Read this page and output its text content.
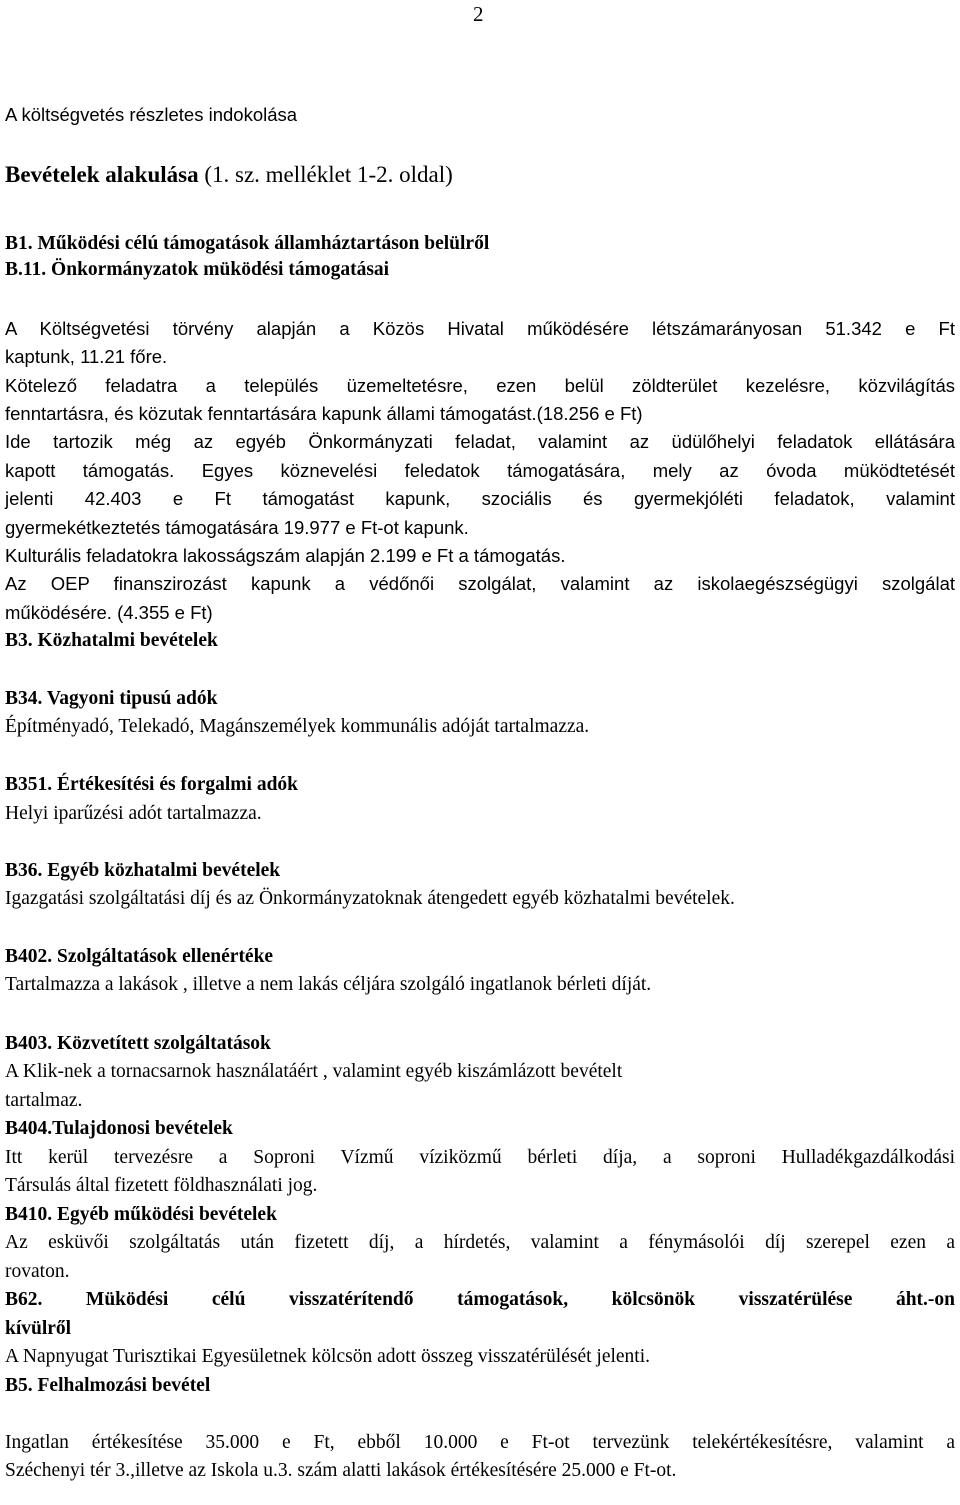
2
A költségvetés részletes indokolása
Bevételek alakulása (1. sz. melléklet 1-2. oldal)
B1. Működési célú támogatások államháztartáson belülről
B.11. Önkormányzatok müködési támogatásai
A Költségvetési törvény alapján a Közös Hivatal működésére létszámarányosan 51.342 e Ft
kaptunk, 11.21 főre.
Kötelező feladatra a település üzemeltetésre, ezen belül zöldterület kezelésre, közvilágítás
fenntartásra, és közutak fenntartására kapunk állami támogatást.(18.256 e Ft)
Ide tartozik még az egyéb Önkormányzati feladat, valamint az üdülőhelyi feladatok ellátására
kapott támogatás. Egyes köznevelési feledatok támogatására, mely az óvoda müködtetését
jelenti 42.403 e Ft támogatást kapunk, szociális és gyermekjóléti feladatok, valamint
gyermekétkeztetés támogatására 19.977 e Ft-ot kapunk.
Kulturális feladatokra lakosságszám alapján 2.199 e Ft a támogatás.
Az OEP finanszirozást kapunk a védőnői szolgálat, valamint az iskolaegészségügyi szolgálat
működésére. (4.355 e Ft)
B3. Közhatalmi bevételek
B34. Vagyoni tipusú adók
Építményadó, Telekadó, Magánszemélyek kommunális adóját tartalmazza.
B351. Értékesítési és forgalmi adók
Helyi iparűzési adót tartalmazza.
B36. Egyéb közhatalmi bevételek
Igazgatási szolgáltatási díj és az Önkormányzatoknak átengedett egyéb közhatalmi bevételek.
B402. Szolgáltatások ellenértéke
Tartalmazza a lakások , illetve a nem lakás céljára szolgáló ingatlanok bérleti díját.
B403. Közvetített szolgáltatások
A Klik-nek a tornacsarnok használatáért , valamint egyéb kiszámlázott bevételt
tartalmaz.
B404.Tulajdonosi bevételek
Itt kerül tervezésre a Soproni Vízmű víziközmű bérleti díja, a soproni Hulladékgazdálkodási
Társulás által fizetett földhasználati jog.
B410. Egyéb működési bevételek
Az esküvői szolgáltatás után fizetett díj, a hírdetés, valamint a fénymásolói díj szerepel ezen a
rovaton.
B62. Müködési célú visszatérítendő támogatások, kölcsönök visszatérülése áht.-on
kívülről
A Napnyugat Turisztikai Egyesületnek kölcsön adott összeg visszatérülését jelenti.
B5. Felhalmozási bevétel
Ingatlan értékesítése 35.000 e Ft, ebből 10.000 e Ft-ot tervezünk telekértékesítésre, valamint a
Széchenyi tér 3.,illetve az Iskola u.3. szám alatti lakások értékesítésére 25.000 e Ft-ot.
